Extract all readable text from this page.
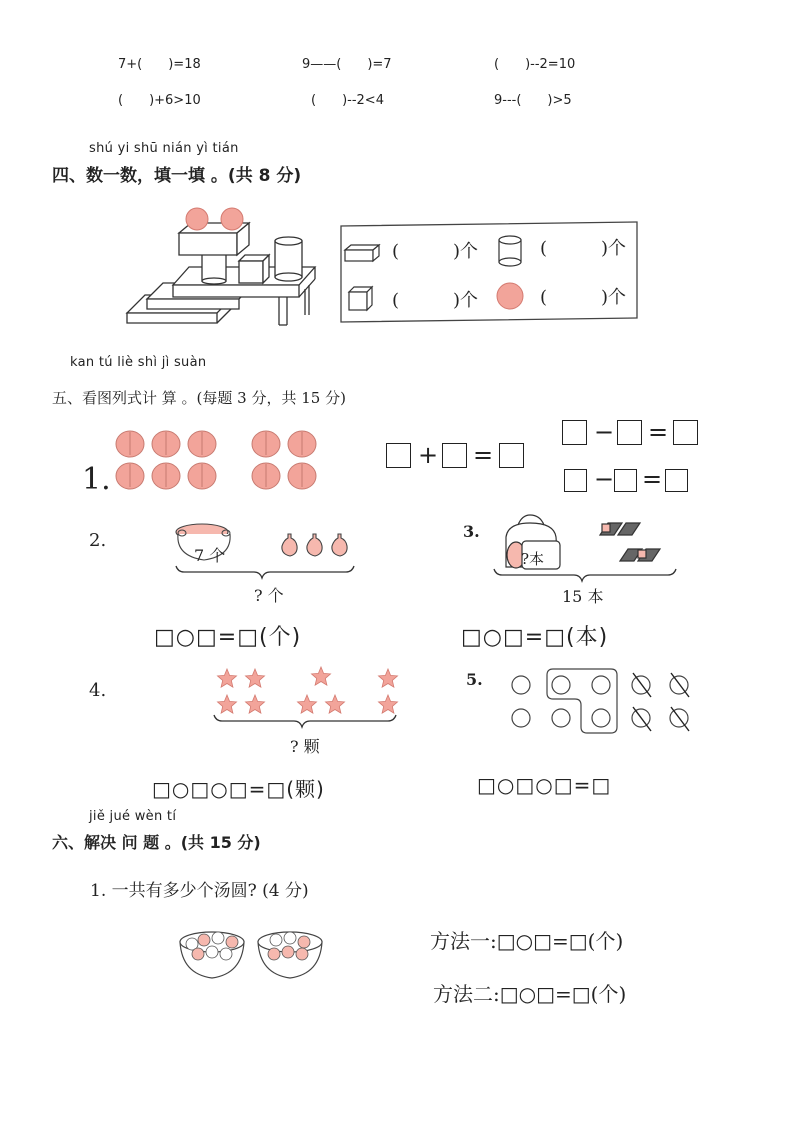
7+(　　)=18	9——(　　)=7	(　　)--2=10
(　　)+6>10	(　　)--2<4	9---(　　)>5
shú yi shū nián yì tián
四、数一数，填一填 。(共 8 分)
(　　　)个	(　　　)个
(　　　)个	(　　　)个
kan tú liè shì jì suàn
五、看图列式计 算 。(每题 3 分，共 15 分)
1.
+ =
− =
− =
2.
7 个
? 个
□○□=□(个)
3.
?本
15 本
□○□=□(本)
4.
? 颗
□○□○□=□(颗)
5.
□○□○□=□
jiě jué wèn tí
六、解决 问 题 。(共 15 分)
1. 一共有多少个汤圆? (4 分)
方法一:□○□=□(个)
方法二:□○□=□(个)
